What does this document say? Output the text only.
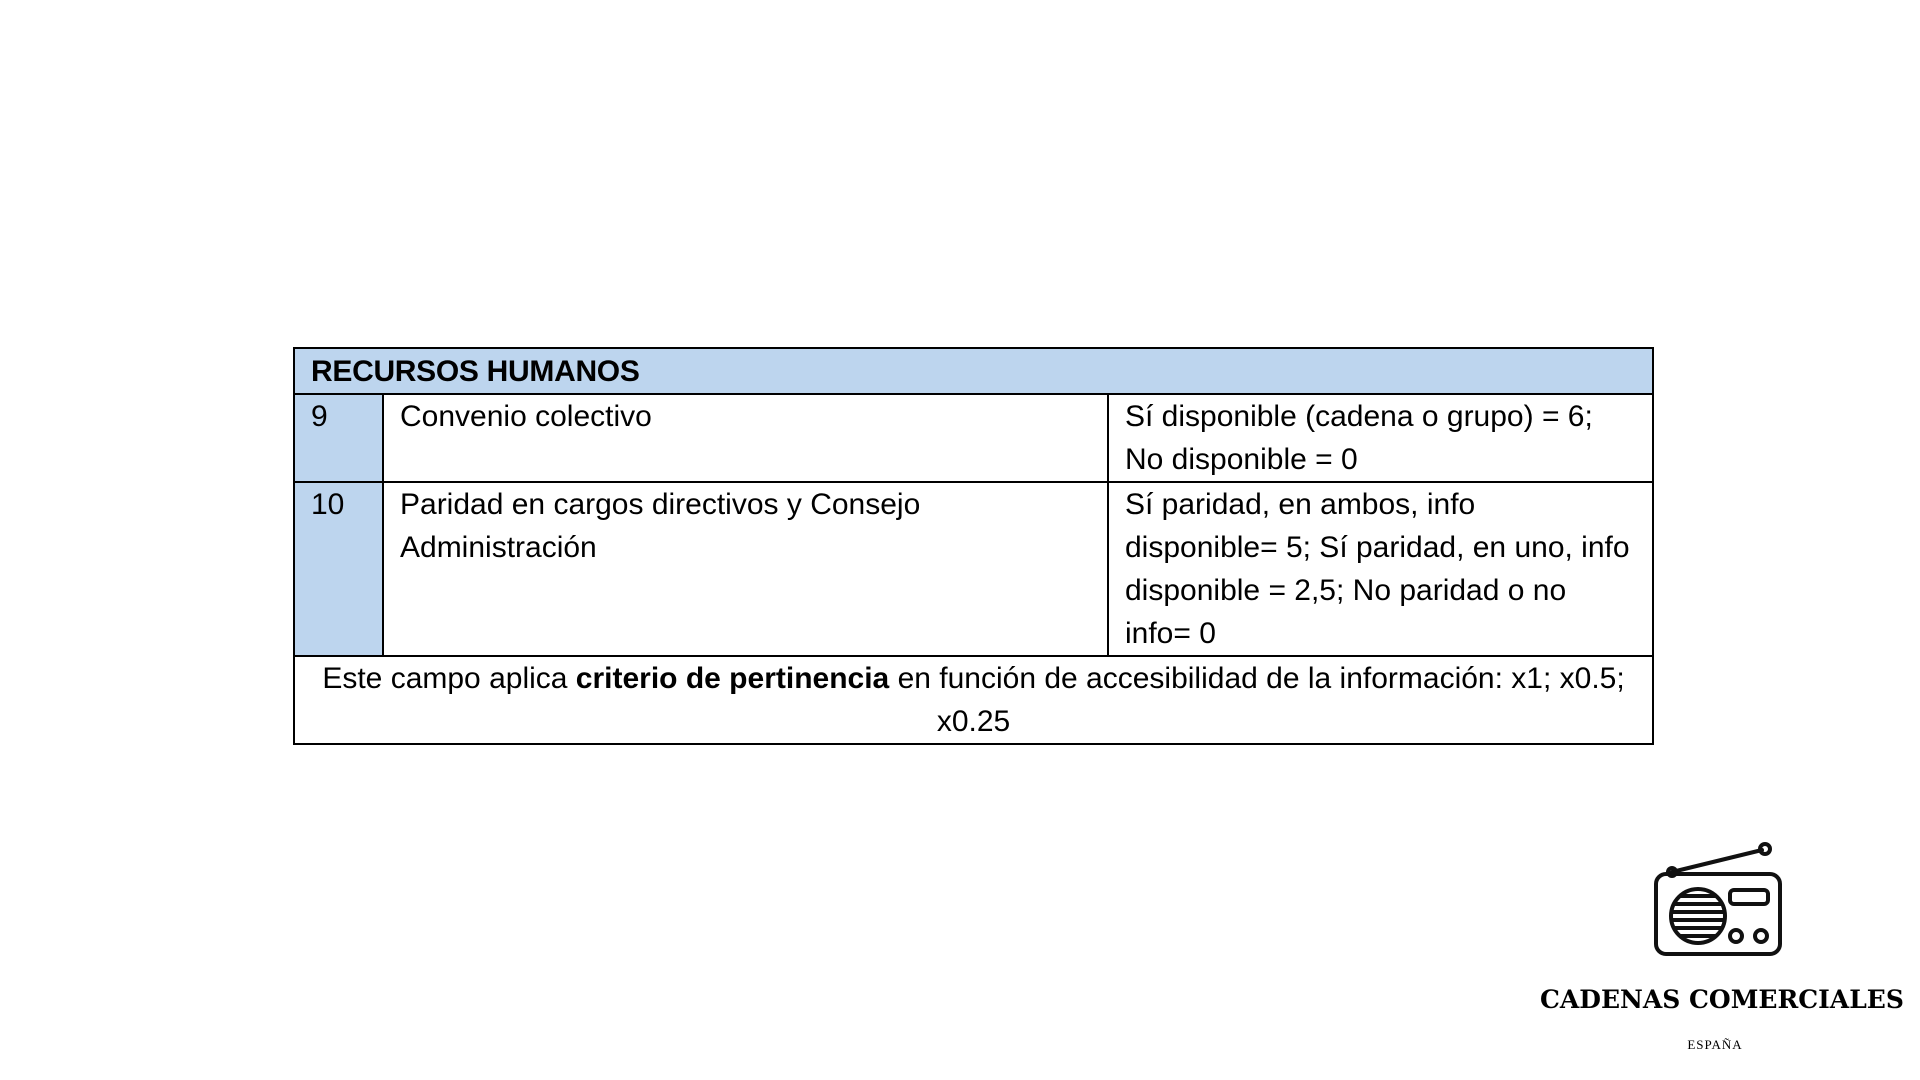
RECURSOS HUMANOS		
9	Convenio colectivo	Sí disponible (cadena o grupo) = 6; No disponible = 0
10	Paridad en cargos directivos y Consejo Administración	Sí paridad, en ambos, info disponible= 5; Sí paridad, en uno, info disponible = 2,5; No paridad o no info= 0
Este campo aplica criterio de pertinencia en función de accesibilidad de la información: x1; x0.5; x0.25		
CADENAS COMERCIALES
ESPAÑA
